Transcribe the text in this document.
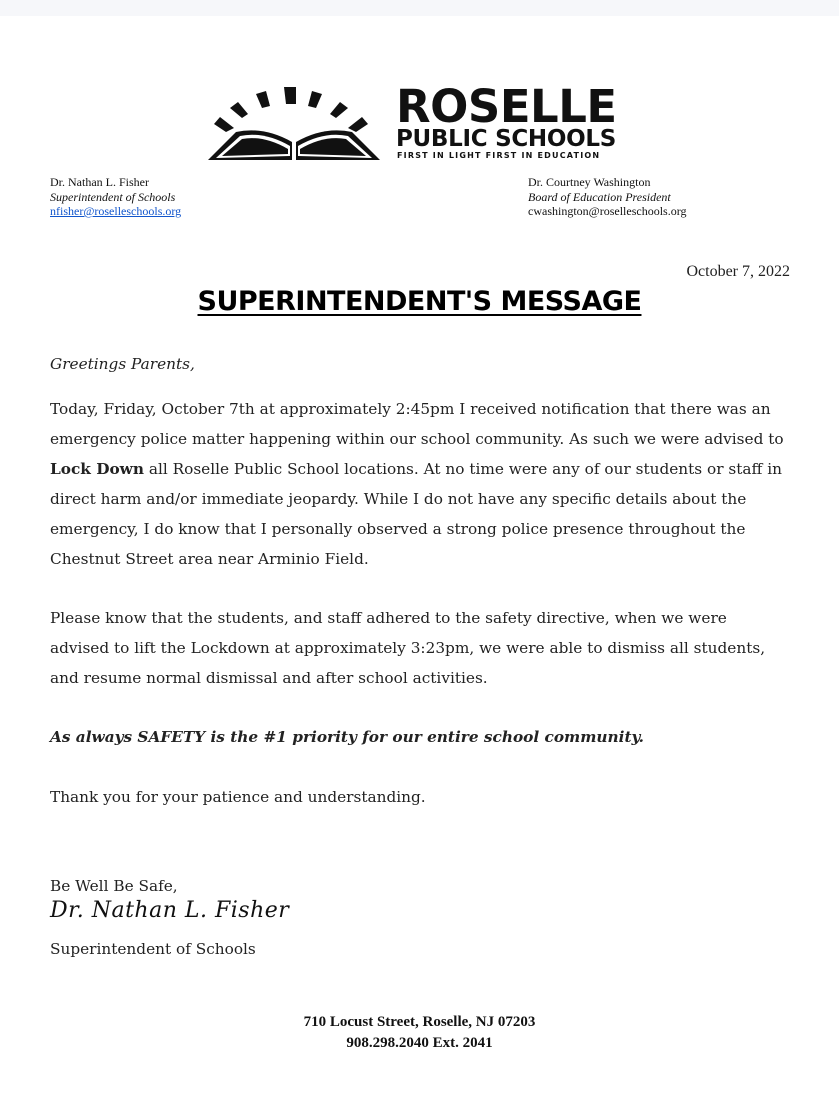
ROSELLE
PUBLIC SCHOOLS
FIRST IN LIGHT FIRST IN EDUCATION
Dr. Nathan L. Fisher
Superintendent of Schools
nfisher@roselleschools.org
Dr. Courtney Washington
Board of Education President
cwashington@roselleschools.org
October 7, 2022
SUPERINTENDENT'S MESSAGE
Greetings Parents,
Today, Friday, October 7th at approximately 2:45pm I received notification that there was an emergency police matter happening within our school community. As such we were advised to Lock Down all Roselle Public School locations. At no time were any of our students or staff in direct harm and/or immediate jeopardy. While I do not have any specific details about the emergency, I do know that I personally observed a strong police presence throughout the Chestnut Street area near Arminio Field.
Please know that the students, and staff adhered to the safety directive, when we were advised to lift the Lockdown at approximately 3:23pm, we were able to dismiss all students, and resume normal dismissal and after school activities.
As always SAFETY is the #1 priority for our entire school community.
Thank you for your patience and understanding.
Be Well Be Safe,
Dr. Nathan L. Fisher
Superintendent of Schools
710 Locust Street, Roselle, NJ 07203
908.298.2040 Ext. 2041
